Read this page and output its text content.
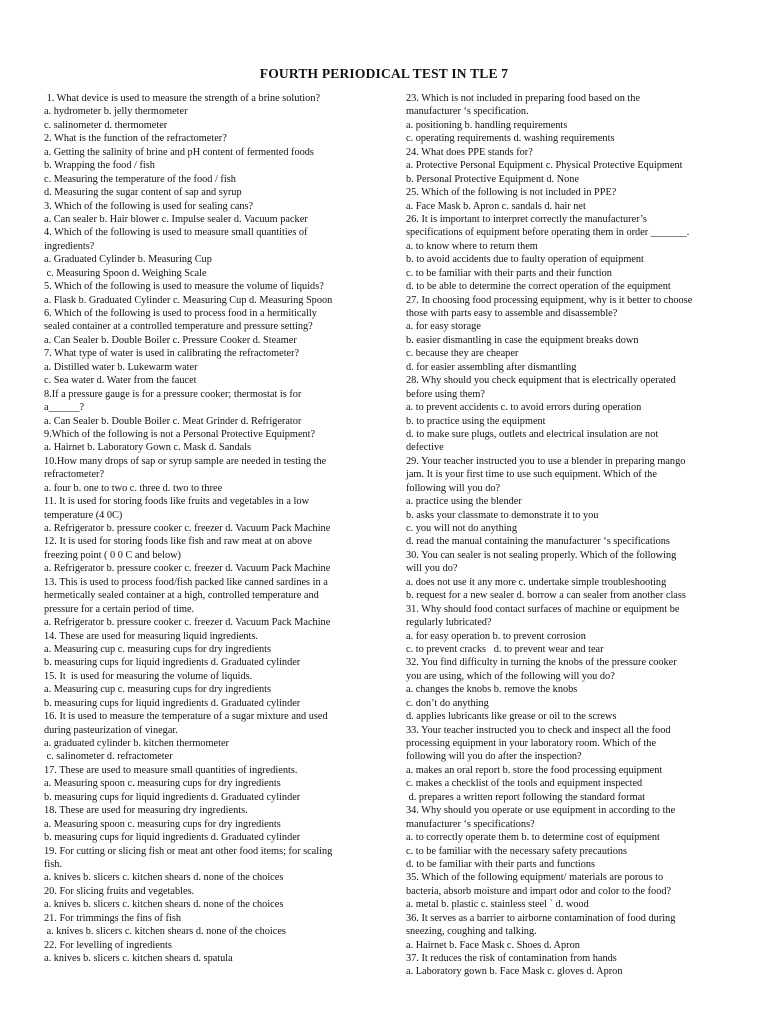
FOURTH PERIODICAL TEST IN TLE 7
1. What device is used to measure the strength of a brine solution?
a. hydrometer b. jelly thermometer
c. salinometer d. thermometer
2. What is the function of the refractometer?
a. Getting the salinity of brine and pH content of fermented foods
b. Wrapping the food / fish
c. Measuring the temperature of the food / fish
d. Measuring the sugar content of sap and syrup
3. Which of the following is used for sealing cans?
a. Can sealer b. Hair blower c. Impulse sealer d. Vacuum packer
4. Which of the following is used to measure small quantities of
ingredients?
a. Graduated Cylinder b. Measuring Cup
c. Measuring Spoon d. Weighing Scale
5. Which of the following is used to measure the volume of liquids?
a. Flask b. Graduated Cylinder c. Measuring Cup d. Measuring Spoon
6. Which of the following is used to process food in a hermitically
sealed container at a controlled temperature and pressure setting?
a. Can Sealer b. Double Boiler c. Pressure Cooker d. Steamer
7. What type of water is used in calibrating the refractometer?
a. Distilled water b. Lukewarm water
c. Sea water d. Water from the faucet
8.If a pressure gauge is for a pressure cooker; thermostat is for
a______?
a. Can Sealer b. Double Boiler c. Meat Grinder d. Refrigerator
9.Which of the following is not a Personal Protective Equipment?
a. Hairnet b. Laboratory Gown c. Mask d. Sandals
10.How many drops of sap or syrup sample are needed in testing the
refractometer?
a. four b. one to two c. three d. two to three
11. It is used for storing foods like fruits and vegetables in a low
temperature (4 0C)
a. Refrigerator b. pressure cooker c. freezer d. Vacuum Pack Machine
12. It is used for storing foods like fish and raw meat at on above
freezing point ( 0 0 C and below)
a. Refrigerator b. pressure cooker c. freezer d. Vacuum Pack Machine
13. This is used to process food/fish packed like canned sardines in a
hermetically sealed container at a high, controlled temperature and
pressure for a certain period of time.
a. Refrigerator b. pressure cooker c. freezer d. Vacuum Pack Machine
14. These are used for measuring liquid ingredients.
a. Measuring cup c. measuring cups for dry ingredients
b. measuring cups for liquid ingredients d. Graduated cylinder
15. It  is used for measuring the volume of liquids.
a. Measuring cup c. measuring cups for dry ingredients
b. measuring cups for liquid ingredients d. Graduated cylinder
16. It is used to measure the temperature of a sugar mixture and used
during pasteurization of vinegar.
a. graduated cylinder b. kitchen thermometer
c. salinometer d. refractometer
17. These are used to measure small quantities of ingredients.
a. Measuring spoon c. measuring cups for dry ingredients
b. measuring cups for liquid ingredients d. Graduated cylinder
18. These are used for measuring dry ingredients.
a. Measuring spoon c. measuring cups for dry ingredients
b. measuring cups for liquid ingredients d. Graduated cylinder
19. For cutting or slicing fish or meat ant other food items; for scaling
fish.
a. knives b. slicers c. kitchen shears d. none of the choices
20. For slicing fruits and vegetables.
a. knives b. slicers c. kitchen shears d. none of the choices
21. For trimmings the fins of fish
a. knives b. slicers c. kitchen shears d. none of the choices
22. For levelling of ingredients
a. knives b. slicers c. kitchen shears d. spatula
23. Which is not included in preparing food based on the
manufacturer ‘s specification.
a. positioning b. handling requirements
c. operating requirements d. washing requirements
24. What does PPE stands for?
a. Protective Personal Equipment c. Physical Protective Equipment
b. Personal Protective Equipment d. None
25. Which of the following is not included in PPE?
a. Face Mask b. Apron c. sandals d. hair net
26. It is important to interpret correctly the manufacturer’s
specifications of equipment before operating them in order _______.
a. to know where to return them
b. to avoid accidents due to faulty operation of equipment
c. to be familiar with their parts and their function
d. to be able to determine the correct operation of the equipment
27. In choosing food processing equipment, why is it better to choose
those with parts easy to assemble and disassemble?
a. for easy storage
b. easier dismantling in case the equipment breaks down
c. because they are cheaper
d. for easier assembling after dismantling
28. Why should you check equipment that is electrically operated
before using them?
a. to prevent accidents c. to avoid errors during operation
b. to practice using the equipment
d. to make sure plugs, outlets and electrical insulation are not
defective
29. Your teacher instructed you to use a blender in preparing mango
jam. It is your first time to use such equipment. Which of the
following will you do?
a. practice using the blender
b. asks your classmate to demonstrate it to you
c. you will not do anything
d. read the manual containing the manufacturer ‘s specifications
30. You can sealer is not sealing properly. Which of the following
will you do?
a. does not use it any more c. undertake simple troubleshooting
b. request for a new sealer d. borrow a can sealer from another class
31. Why should food contact surfaces of machine or equipment be
regularly lubricated?
a. for easy operation b. to prevent corrosion
c. to prevent cracks   d. to prevent wear and tear
32. You find difficulty in turning the knobs of the pressure cooker
you are using, which of the following will you do?
a. changes the knobs b. remove the knobs
c. don’t do anything
d. applies lubricants like grease or oil to the screws
33. Your teacher instructed you to check and inspect all the food
processing equipment in your laboratory room. Which of the
following will you do after the inspection?
a. makes an oral report b. store the food processing equipment
c. makes a checklist of the tools and equipment inspected
d. prepares a written report following the standard format
34. Why should you operate or use equipment in according to the
manufacturer ‘s specifications?
a. to correctly operate them b. to determine cost of equipment
c. to be familiar with the necessary safety precautions
d. to be familiar with their parts and functions
35. Which of the following equipment/ materials are porous to
bacteria, absorb moisture and impart odor and color to the food?
a. metal b. plastic c. stainless steel ` d. wood
36. It serves as a barrier to airborne contamination of food during
sneezing, coughing and talking.
a. Hairnet b. Face Mask c. Shoes d. Apron
37. It reduces the risk of contamination from hands
a. Laboratory gown b. Face Mask c. gloves d. Apron
